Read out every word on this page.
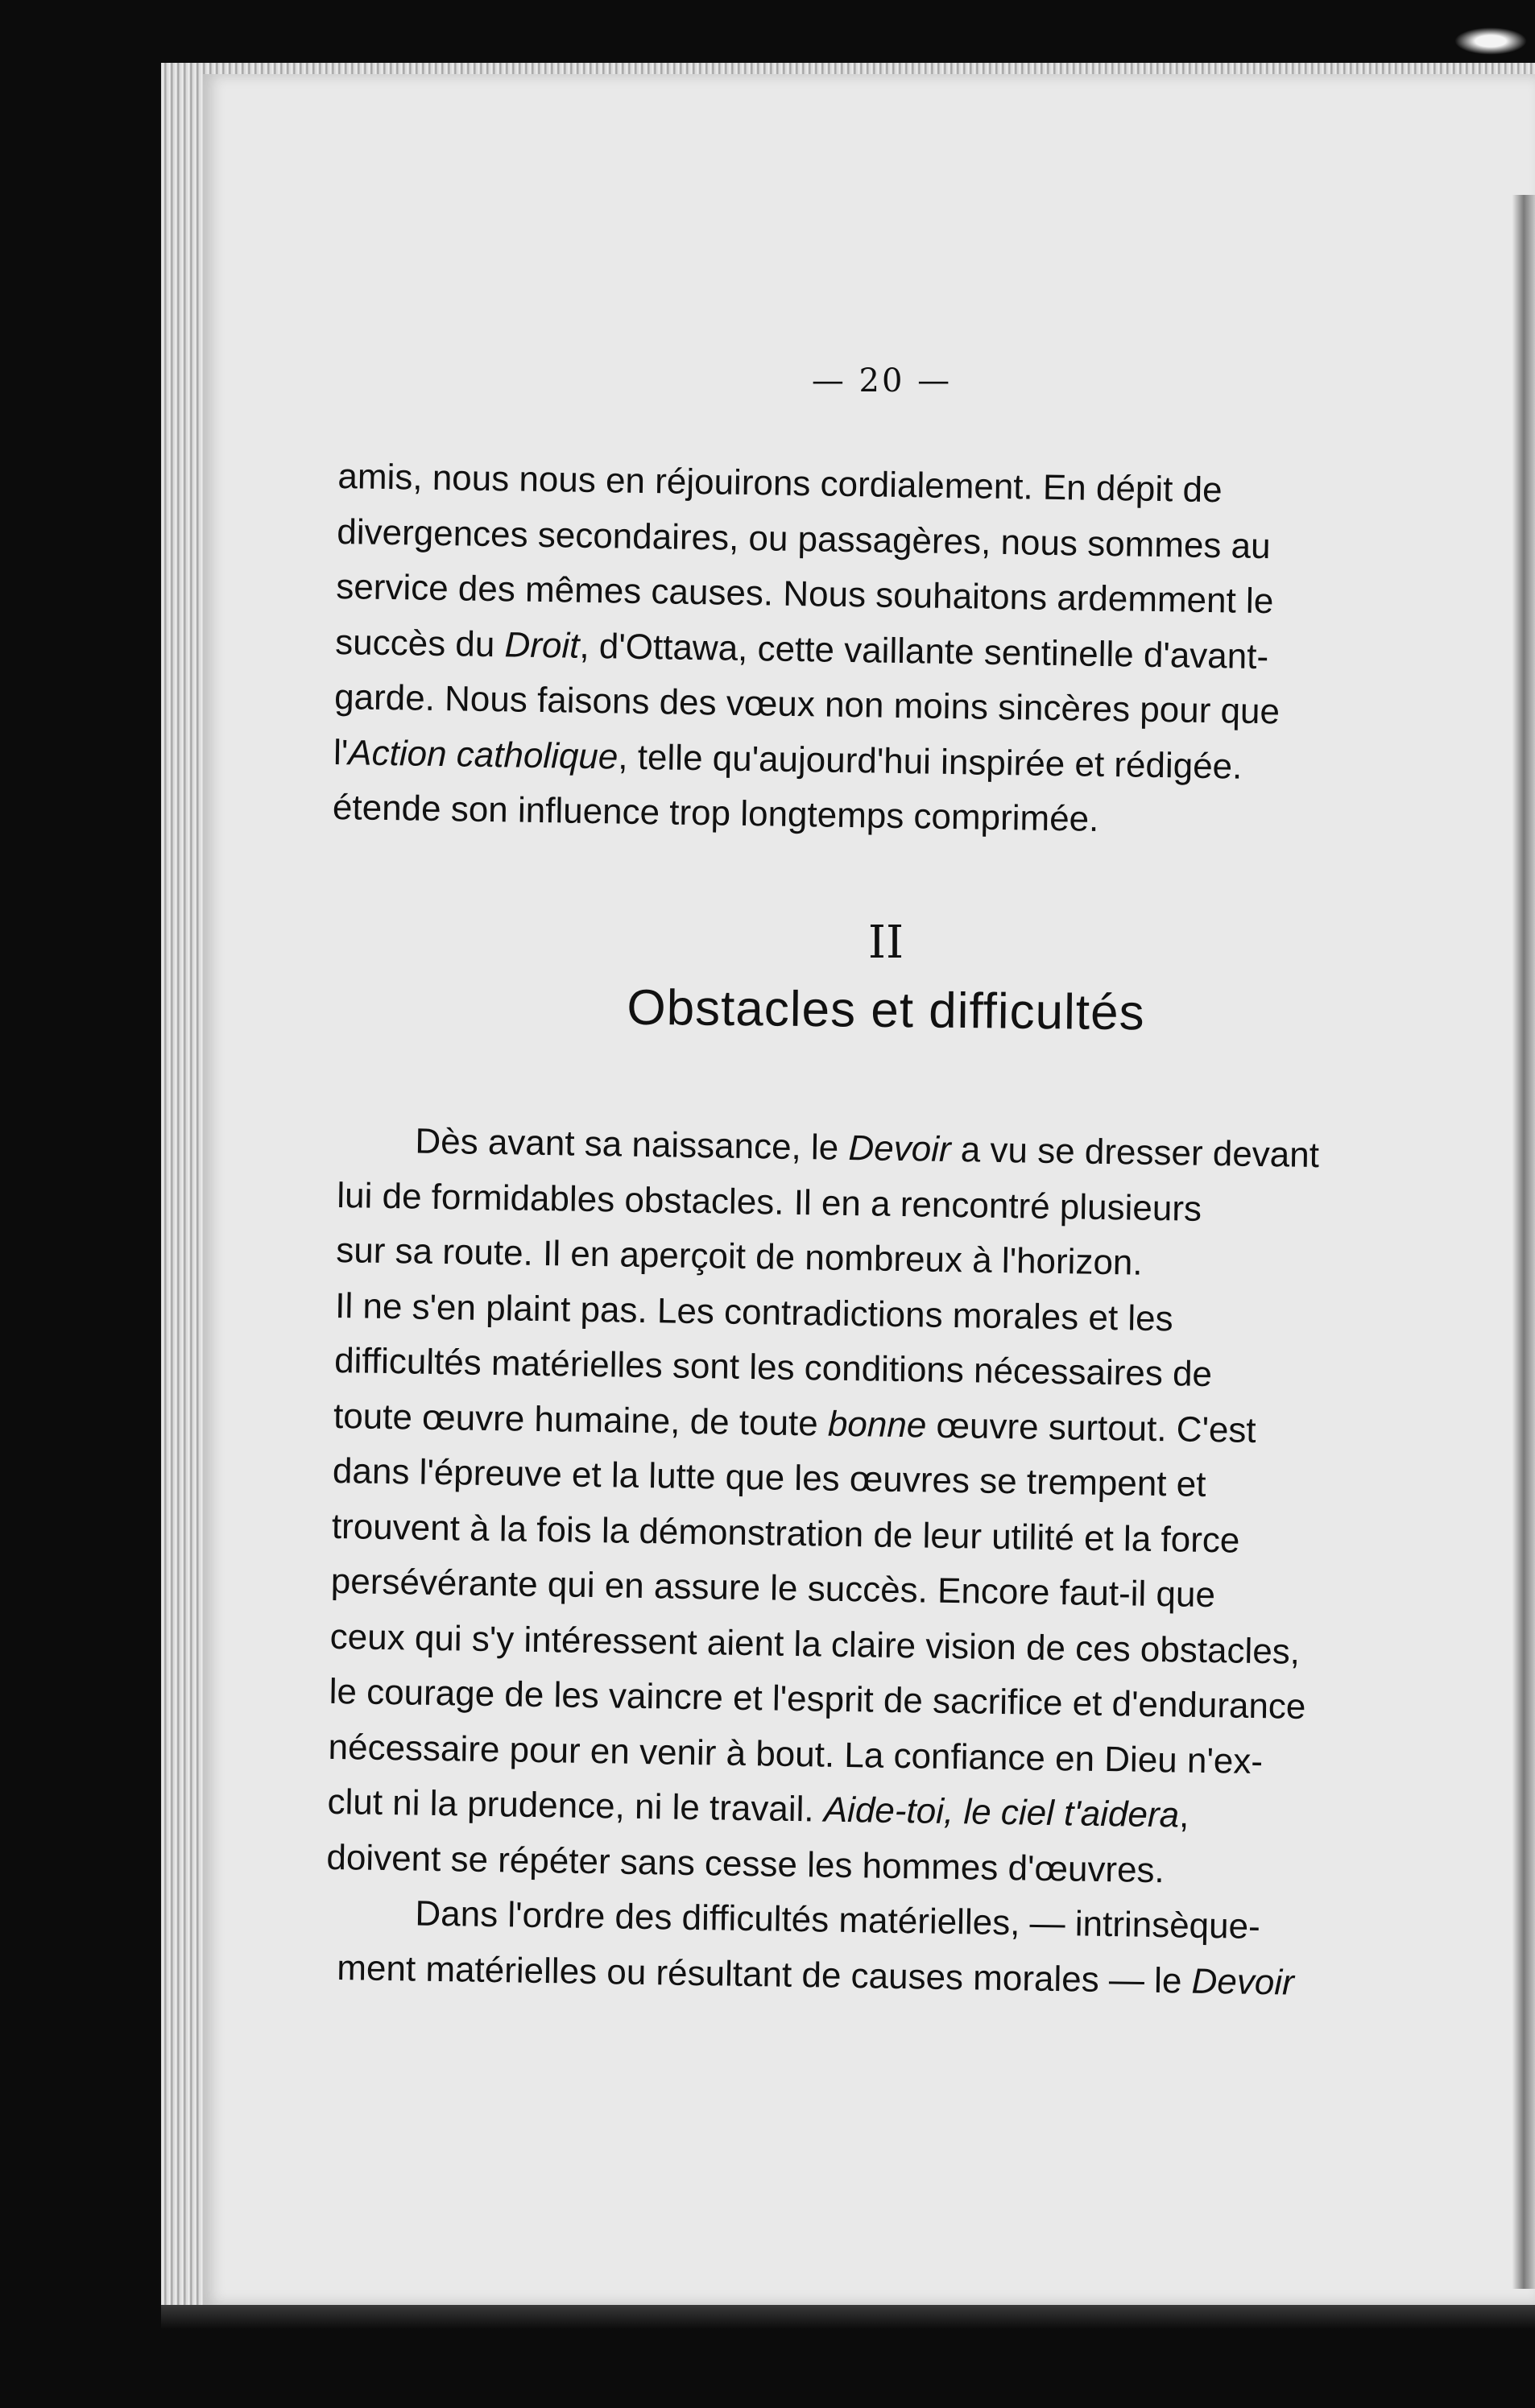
— 20 —

amis, nous nous en réjouirons cordialement. En dépit de
divergences secondaires, ou passagères, nous sommes au
service des mêmes causes. Nous souhaitons ardemment le
succès du Droit, d'Ottawa, cette vaillante sentinelle d'avant-
garde. Nous faisons des vœux non moins sincères pour que
l'Action catholique, telle qu'aujourd'hui inspirée et rédigée.
étende son influence trop longtemps comprimée.

II
Obstacles et difficultés

Dès avant sa naissance, le Devoir a vu se dresser devant
lui de formidables obstacles. Il en a rencontré plusieurs
sur sa route. Il en aperçoit de nombreux à l'horizon.
Il ne s'en plaint pas. Les contradictions morales et les
difficultés matérielles sont les conditions nécessaires de
toute œuvre humaine, de toute bonne œuvre surtout. C'est
dans l'épreuve et la lutte que les œuvres se trempent et
trouvent à la fois la démonstration de leur utilité et la force
persévérante qui en assure le succès. Encore faut-il que
ceux qui s'y intéressent aient la claire vision de ces obstacles,
le courage de les vaincre et l'esprit de sacrifice et d'endurance
nécessaire pour en venir à bout. La confiance en Dieu n'ex-
clut ni la prudence, ni le travail. Aide-toi, le ciel t'aidera,
doivent se répéter sans cesse les hommes d'œuvres.

Dans l'ordre des difficultés matérielles, — intrinsèque-
ment matérielles ou résultant de causes morales — le Devoir
